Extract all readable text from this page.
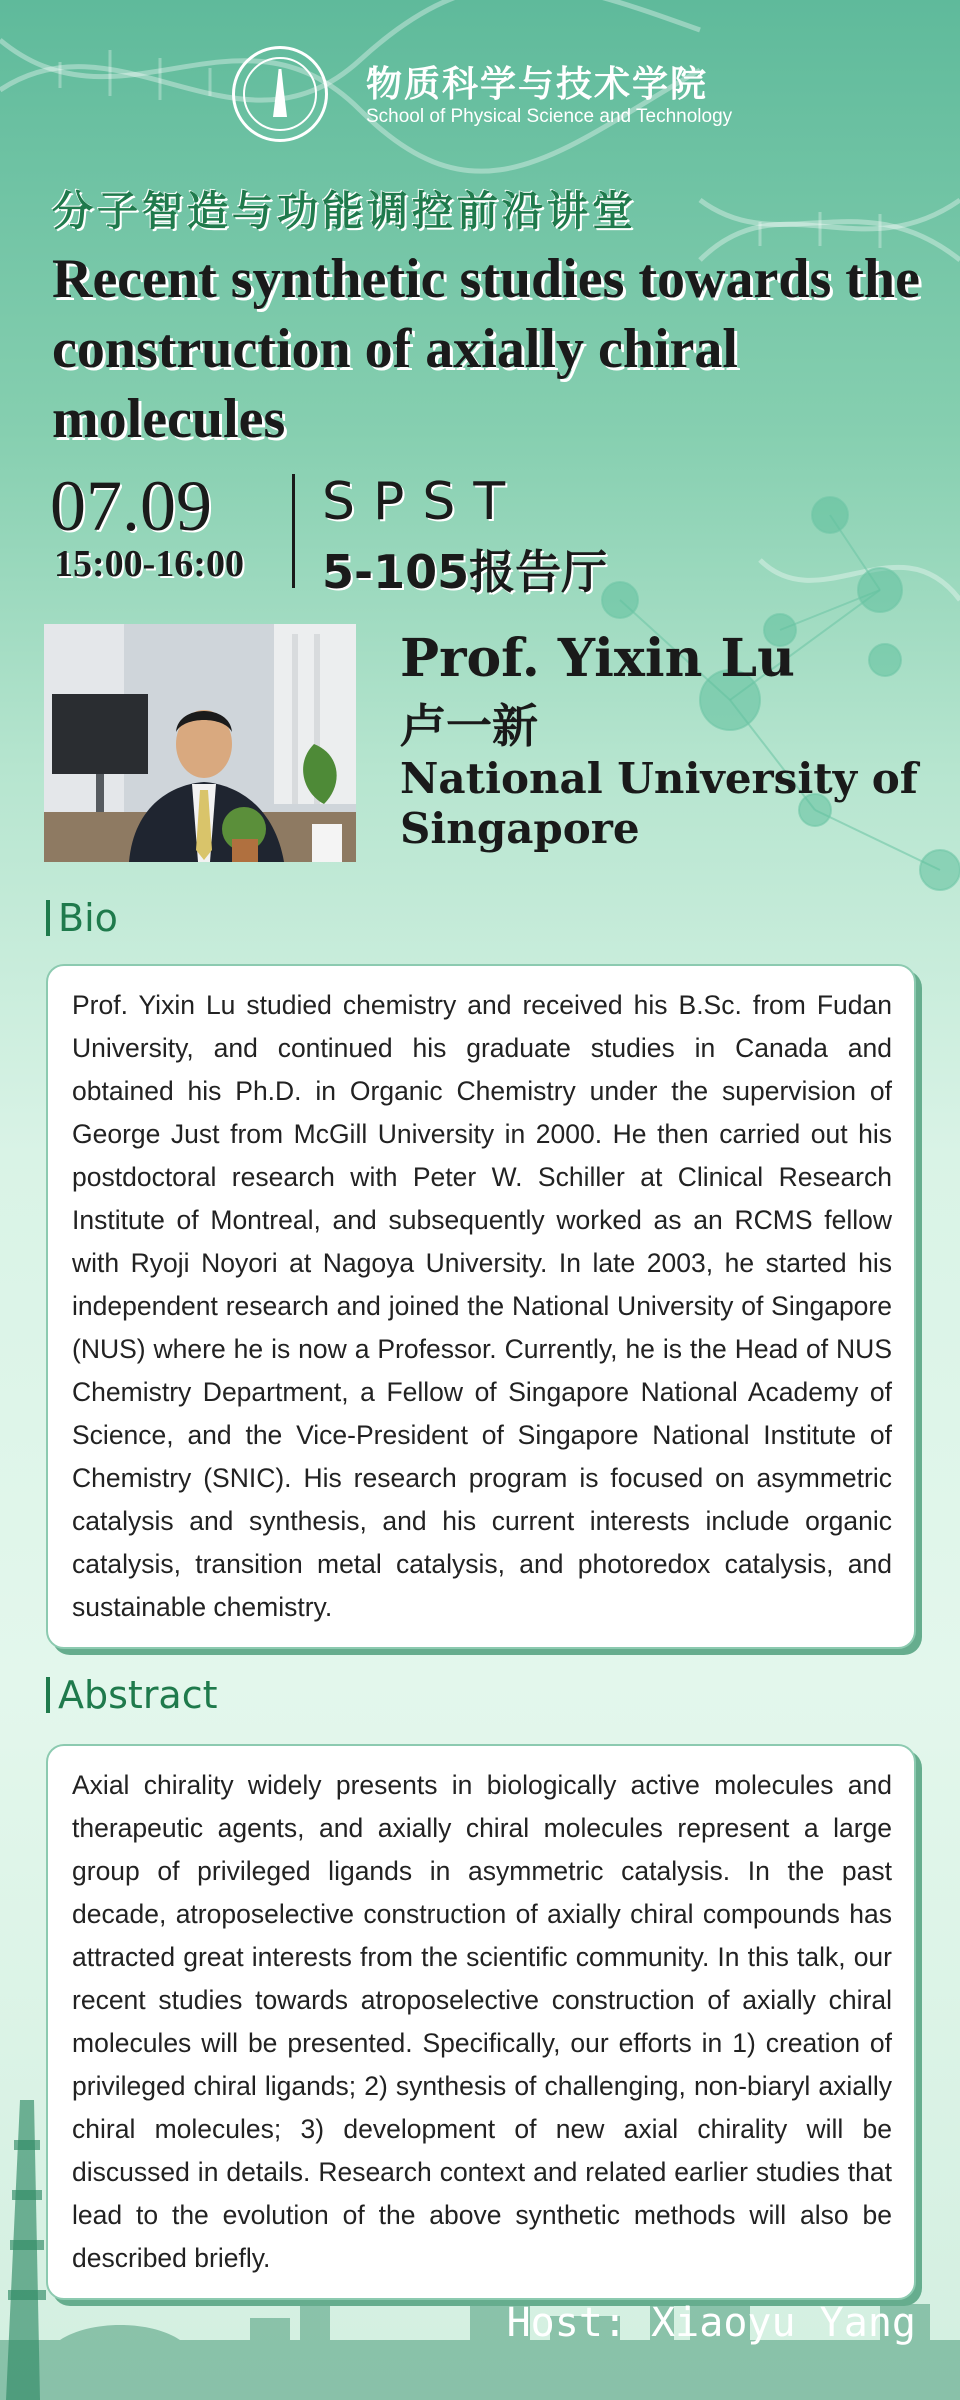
物质科学与技术学院
School of Physical Science and Technology
分子智造与功能调控前沿讲堂
Recent synthetic studies towards the construction of axially chiral molecules
07.09
15:00-16:00
SPST
5-105报告厅
Prof. Yixin Lu
卢一新

National University of Singapore

Bio

Prof. Yixin Lu studied chemistry and received his B.Sc. from Fudan University, and continued his graduate studies in Canada and obtained his Ph.D. in Organic Chemistry under the supervision of George Just from McGill University in 2000. He then carried out his postdoctoral research with Peter W. Schiller at Clinical Research Institute of Montreal, and subsequently worked as an RCMS fellow with Ryoji Noyori at Nagoya University. In late 2003, he started his independent research and joined the National University of Singapore (NUS) where he is now a Professor. Currently, he is the Head of NUS Chemistry Department, a Fellow of Singapore National Academy of Science, and the Vice-President of Singapore National Institute of Chemistry (SNIC). His research program is focused on asymmetric catalysis and synthesis, and his current interests include organic catalysis, transition metal catalysis, and photoredox catalysis, and sustainable chemistry.

Abstract

Axial chirality widely presents in biologically active molecules and therapeutic agents, and axially chiral molecules represent a large group of privileged ligands in asymmetric catalysis. In the past decade, atroposelective construction of axially chiral compounds has attracted great interests from the scientific community. In this talk, our recent studies towards atroposelective construction of axially chiral molecules will be presented. Specifically, our efforts in 1) creation of privileged chiral ligands; 2) synthesis of challenging, non-biaryl axially chiral molecules; 3) development of new axial chirality will be discussed in details. Research context and related earlier studies that lead to the evolution of the above synthetic methods will also be described briefly.

Host: Xiaoyu Yang
